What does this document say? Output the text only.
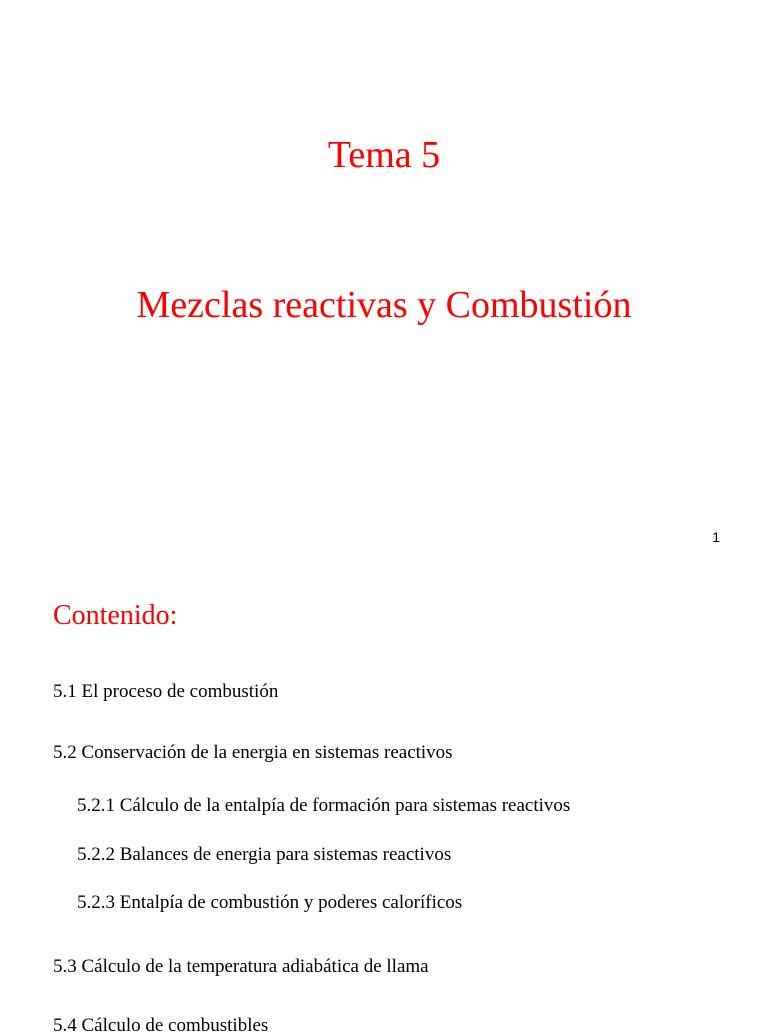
Tema 5
Mezclas reactivas y Combustión
1
Contenido:
5.1 El proceso de combustión
5.2 Conservación de la energia en sistemas reactivos
5.2.1 Cálculo de la entalpía de formación para sistemas reactivos
5.2.2 Balances de energia para sistemas reactivos
5.2.3 Entalpía de combustión y poderes caloríficos
5.3 Cálculo de la temperatura adiabática de llama
5.4 Cálculo de combustibles
